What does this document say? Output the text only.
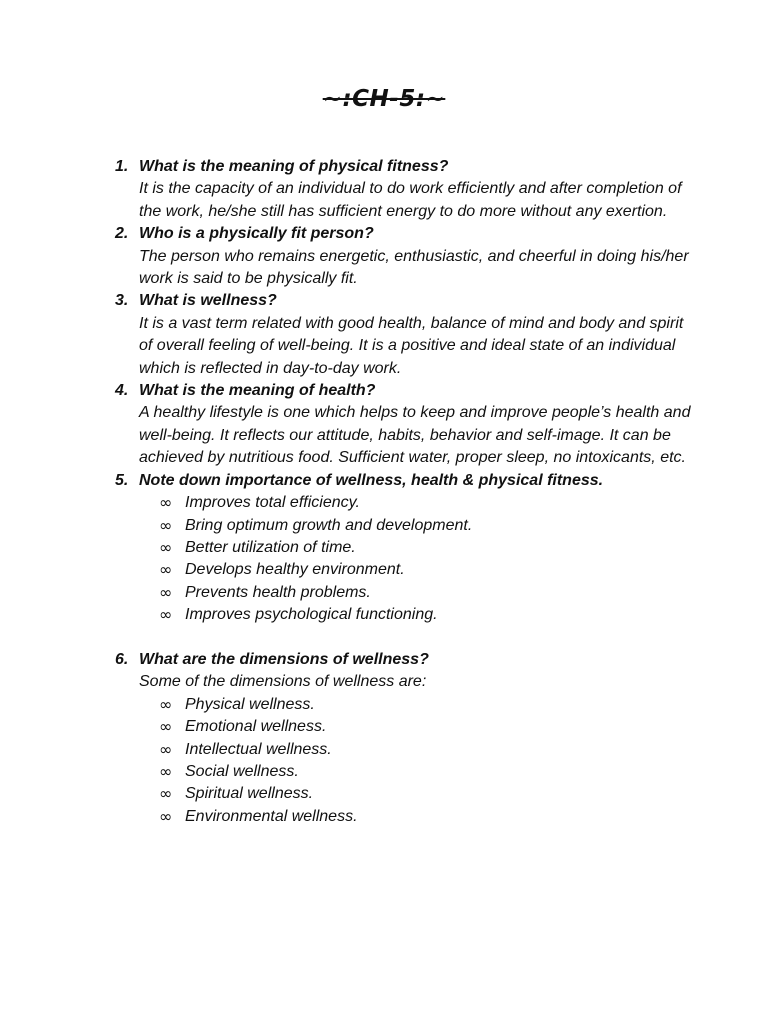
~:CH-5:~
1. What is the meaning of physical fitness?
It is the capacity of an individual to do work efficiently and after completion of the work, he/she still has sufficient energy to do more without any exertion.
2. Who is a physically fit person?
The person who remains energetic, enthusiastic, and cheerful in doing his/her work is said to be physically fit.
3. What is wellness?
It is a vast term related with good health, balance of mind and body and spirit of overall feeling of well-being. It is a positive and ideal state of an individual which is reflected in day-to-day work.
4. What is the meaning of health?
A healthy lifestyle is one which helps to keep and improve people’s health and well-being. It reflects our attitude, habits, behavior and self-image. It can be achieved by nutritious food. Sufficient water, proper sleep, no intoxicants, etc.
5. Note down importance of wellness, health & physical fitness.
∞ Improves total efficiency.
∞ Bring optimum growth and development.
∞ Better utilization of time.
∞ Develops healthy environment.
∞ Prevents health problems.
∞ Improves psychological functioning.
6. What are the dimensions of wellness?
Some of the dimensions of wellness are:
∞ Physical wellness.
∞ Emotional wellness.
∞ Intellectual wellness.
∞ Social wellness.
∞ Spiritual wellness.
∞ Environmental wellness.
